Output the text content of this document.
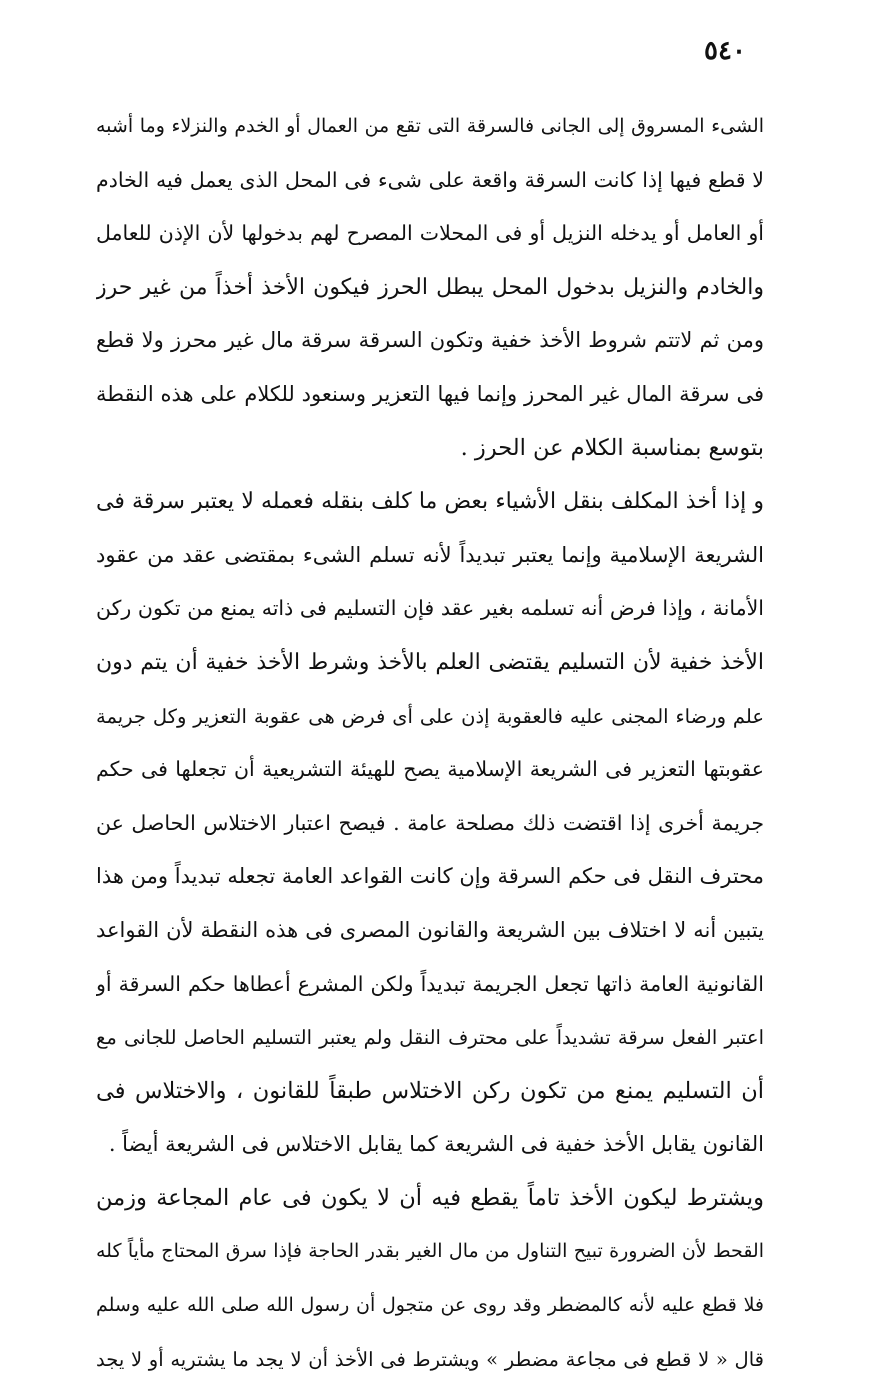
٥٤٠
الشىء المسروق إلى الجانى فالسرقة التى تقع من العمال أو الخدم والنزلاء وما أشبه
لا قطع فيها إذا كانت السرقة واقعة على شىء فى المحل الذى يعمل فيه الخادم
أو العامل أو يدخله النزيل أو فى المحلات المصرح لهم بدخولها لأن الإذن للعامل
والخادم والنزيل بدخول المحل يبطل الحرز فيكون الأخذ أخذاً من غير حرز
ومن ثم لاتتم شروط الأخذ خفية وتكون السرقة سرقة مال غير محرز ولا قطع
فى سرقة المال غير المحرز وإنما فيها التعزير وسنعود للكلام على هذه النقطة
بتوسع بمناسبة الكلام عن الحرز .
و إذا أخذ المكلف بنقل الأشياء بعض ما كلف بنقله فعمله لا يعتبر سرقة فى
الشريعة الإسلامية وإنما يعتبر تبديداً لأنه تسلم الشىء بمقتضى عقد من عقود
الأمانة ، وإذا فرض أنه تسلمه بغير عقد فإن التسليم فى ذاته يمنع من تكون ركن
الأخذ خفية لأن التسليم يقتضى العلم بالأخذ وشرط الأخذ خفية أن يتم دون
علم ورضاء المجنى عليه فالعقوبة إذن على أى فرض هى عقوبة التعزير وكل جريمة
عقوبتها التعزير فى الشريعة الإسلامية يصح للهيئة التشريعية أن تجعلها فى حكم
جريمة أخرى إذا اقتضت ذلك مصلحة عامة . فيصح اعتبار الاختلاس الحاصل عن
محترف النقل فى حكم السرقة وإن كانت القواعد العامة تجعله تبديداً ومن هذا
يتبين أنه لا اختلاف بين الشريعة والقانون المصرى فى هذه النقطة لأن القواعد
القانونية العامة ذاتها تجعل الجريمة تبديداً ولكن المشرع أعطاها حكم السرقة أو
اعتبر الفعل سرقة تشديداً على محترف النقل ولم يعتبر التسليم الحاصل للجانى مع
أن التسليم يمنع من تكون ركن الاختلاس طبقاً للقانون ، والاختلاس فى
القانون يقابل الأخذ خفية فى الشريعة كما يقابل الاختلاس فى الشريعة أيضاً .
ويشترط ليكون الأخذ تاماً يقطع فيه أن لا يكون فى عام المجاعة وزمن
القحط لأن الضرورة تبيح التناول من مال الغير بقدر الحاجة فإذا سرق المحتاج مأياً كله
فلا قطع عليه لأنه كالمضطر وقد روى عن متجول أن رسول الله صلى الله عليه وسلم
قال « لا قطع فى مجاعة مضطر » ويشترط فى الأخذ أن لا يجد ما يشتريه أو لا يجد
